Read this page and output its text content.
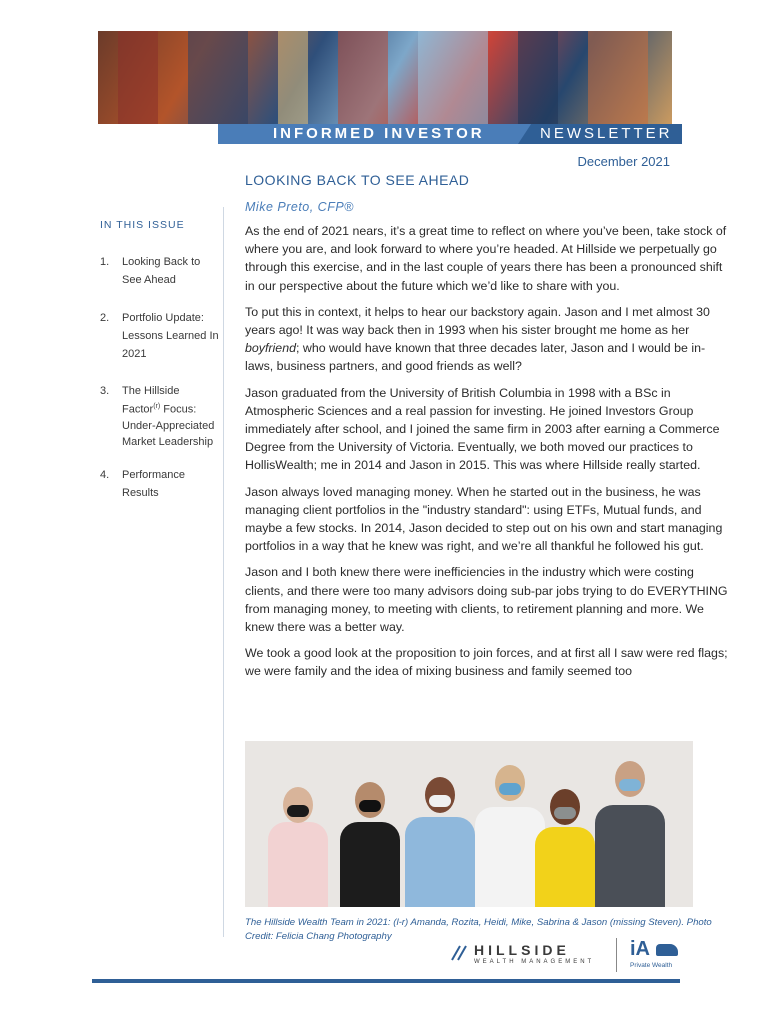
INFORMED INVESTOR	NEWSLETTER
December 2021
LOOKING BACK TO SEE AHEAD
Mike Preto, CFP®
IN THIS ISSUE
1. Looking Back to See Ahead
2. Portfolio Update: Lessons Learned In 2021
3. The Hillside Factor$^{(r)}$ Focus: Under-Appreciated Market Leadership
4. Performance Results

As the end of 2021 nears, it’s a great time to reflect on where you’ve been, take stock of where you are, and look forward to where you’re headed. At Hillside we perpetually go through this exercise, and in the last couple of years there has been a pronounced shift in our perspective about the future which we’d like to share with you.

To put this in context, it helps to hear our backstory again. Jason and I met almost 30 years ago! It was way back then in 1993 when his sister brought me home as her boyfriend; who would have known that three decades later, Jason and I would be in-laws, business partners, and good friends as well?

Jason graduated from the University of British Columbia in 1998 with a BSc in Atmospheric Sciences and a real passion for investing. He joined Investors Group immediately after school, and I joined the same firm in 2003 after earning a Commerce Degree from the University of Victoria. Eventually, we both moved our practices to HollisWealth; me in 2014 and Jason in 2015. This was where Hillside really started.

Jason always loved managing money. When he started out in the business, he was managing client portfolios in the "industry standard": using ETFs, Mutual funds, and maybe a few stocks. In 2014, Jason decided to step out on his own and start managing portfolios in a way that he knew was right, and we’re all thankful he followed his gut.

Jason and I both knew there were inefficiencies in the industry which were costing clients, and there were too many advisors doing sub-par jobs trying to do EVERYTHING from managing money, to meeting with clients, to retirement planning and more. We knew there was a better way.

We took a good look at the proposition to join forces, and at first all I saw were red flags; we were family and the idea of mixing business and family seemed too

The Hillside Wealth Team in 2021: (l-r) Amanda, Rozita, Heidi, Mike, Sabrina & Jason (missing Steven). Photo Credit: Felicia Chang Photography
HILLSIDE
WEALTH MANAGEMENT
iA
Private Wealth
